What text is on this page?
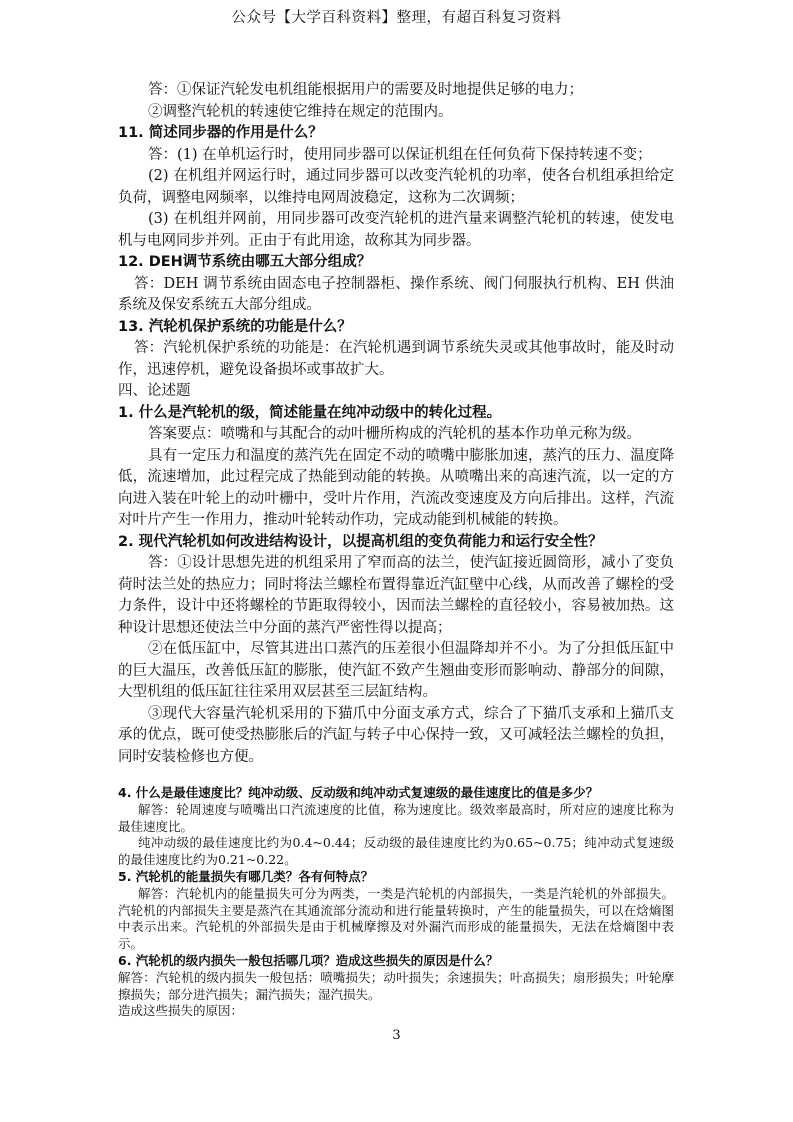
公众号【大学百科资料】整理，有超百科复习资料

答：①保证汽轮发电机组能根据用户的需要及时地提供足够的电力；

②调整汽轮机的转速使它维持在规定的范围内。

11. 简述同步器的作用是什么？

答：(1) 在单机运行时，使用同步器可以保证机组在任何负荷下保持转速不变；

(2) 在机组并网运行时，通过同步器可以改变汽轮机的功率，使各台机组承担给定负荷，调整电网频率，以维持电网周波稳定，这称为二次调频；

(3) 在机组并网前，用同步器可改变汽轮机的进汽量来调整汽轮机的转速，使发电机与电网同步并列。正由于有此用途，故称其为同步器。

12. DEH调节系统由哪五大部分组成？

答：DEH 调节系统由固态电子控制器柜、操作系统、阀门伺服执行机构、EH 供油系统及保安系统五大部分组成。

13. 汽轮机保护系统的功能是什么？

答：汽轮机保护系统的功能是：在汽轮机遇到调节系统失灵或其他事故时，能及时动作，迅速停机，避免设备损坏或事故扩大。

四、论述题

1. 什么是汽轮机的级，简述能量在纯冲动级中的转化过程。

答案要点：喷嘴和与其配合的动叶栅所构成的汽轮机的基本作功单元称为级。

具有一定压力和温度的蒸汽先在固定不动的喷嘴中膨胀加速，蒸汽的压力、温度降低，流速增加，此过程完成了热能到动能的转换。从喷嘴出来的高速汽流，以一定的方向进入装在叶轮上的动叶栅中，受叶片作用，汽流改变速度及方向后排出。这样，汽流对叶片产生一作用力，推动叶轮转动作功，完成动能到机械能的转换。

2. 现代汽轮机如何改进结构设计，以提高机组的变负荷能力和运行安全性？

答：①设计思想先进的机组采用了窄而高的法兰，使汽缸接近圆筒形，减小了变负荷时法兰处的热应力；同时将法兰螺栓布置得靠近汽缸壁中心线，从而改善了螺栓的受力条件，设计中还将螺栓的节距取得较小，因而法兰螺栓的直径较小，容易被加热。这种设计思想还使法兰中分面的蒸汽严密性得以提高；

②在低压缸中，尽管其进出口蒸汽的压差很小但温降却并不小。为了分担低压缸中的巨大温压，改善低压缸的膨胀，使汽缸不致产生翘曲变形而影响动、静部分的间隙，大型机组的低压缸往往采用双层甚至三层缸结构。

③现代大容量汽轮机采用的下猫爪中分面支承方式，综合了下猫爪支承和上猫爪支承的优点，既可使受热膨胀后的汽缸与转子中心保持一致，又可减轻法兰螺栓的负担，同时安装检修也方便。

4. 什么是最佳速度比？纯冲动级、反动级和纯冲动式复速级的最佳速度比的值是多少？

解答：轮周速度与喷嘴出口汽流速度的比值，称为速度比。级效率最高时，所对应的速度比称为最佳速度比。

纯冲动级的最佳速度比约为0.4~0.44；反动级的最佳速度比约为0.65~0.75；纯冲动式复速级的最佳速度比约为0.21~0.22。

5. 汽轮机的能量损失有哪几类？各有何特点？

解答：汽轮机内的能量损失可分为两类，一类是汽轮机的内部损失，一类是汽轮机的外部损失。汽轮机的内部损失主要是蒸汽在其通流部分流动和进行能量转换时，产生的能量损失，可以在焓熵图中表示出来。汽轮机的外部损失是由于机械摩擦及对外漏汽而形成的能量损失，无法在焓熵图中表示。

6. 汽轮机的级内损失一般包括哪几项？造成这些损失的原因是什么？

解答：汽轮机的级内损失一般包括：喷嘴损失；动叶损失；余速损失；叶高损失；扇形损失；叶轮摩擦损失；部分进汽损失；漏汽损失；湿汽损失。

造成这些损失的原因：

3
